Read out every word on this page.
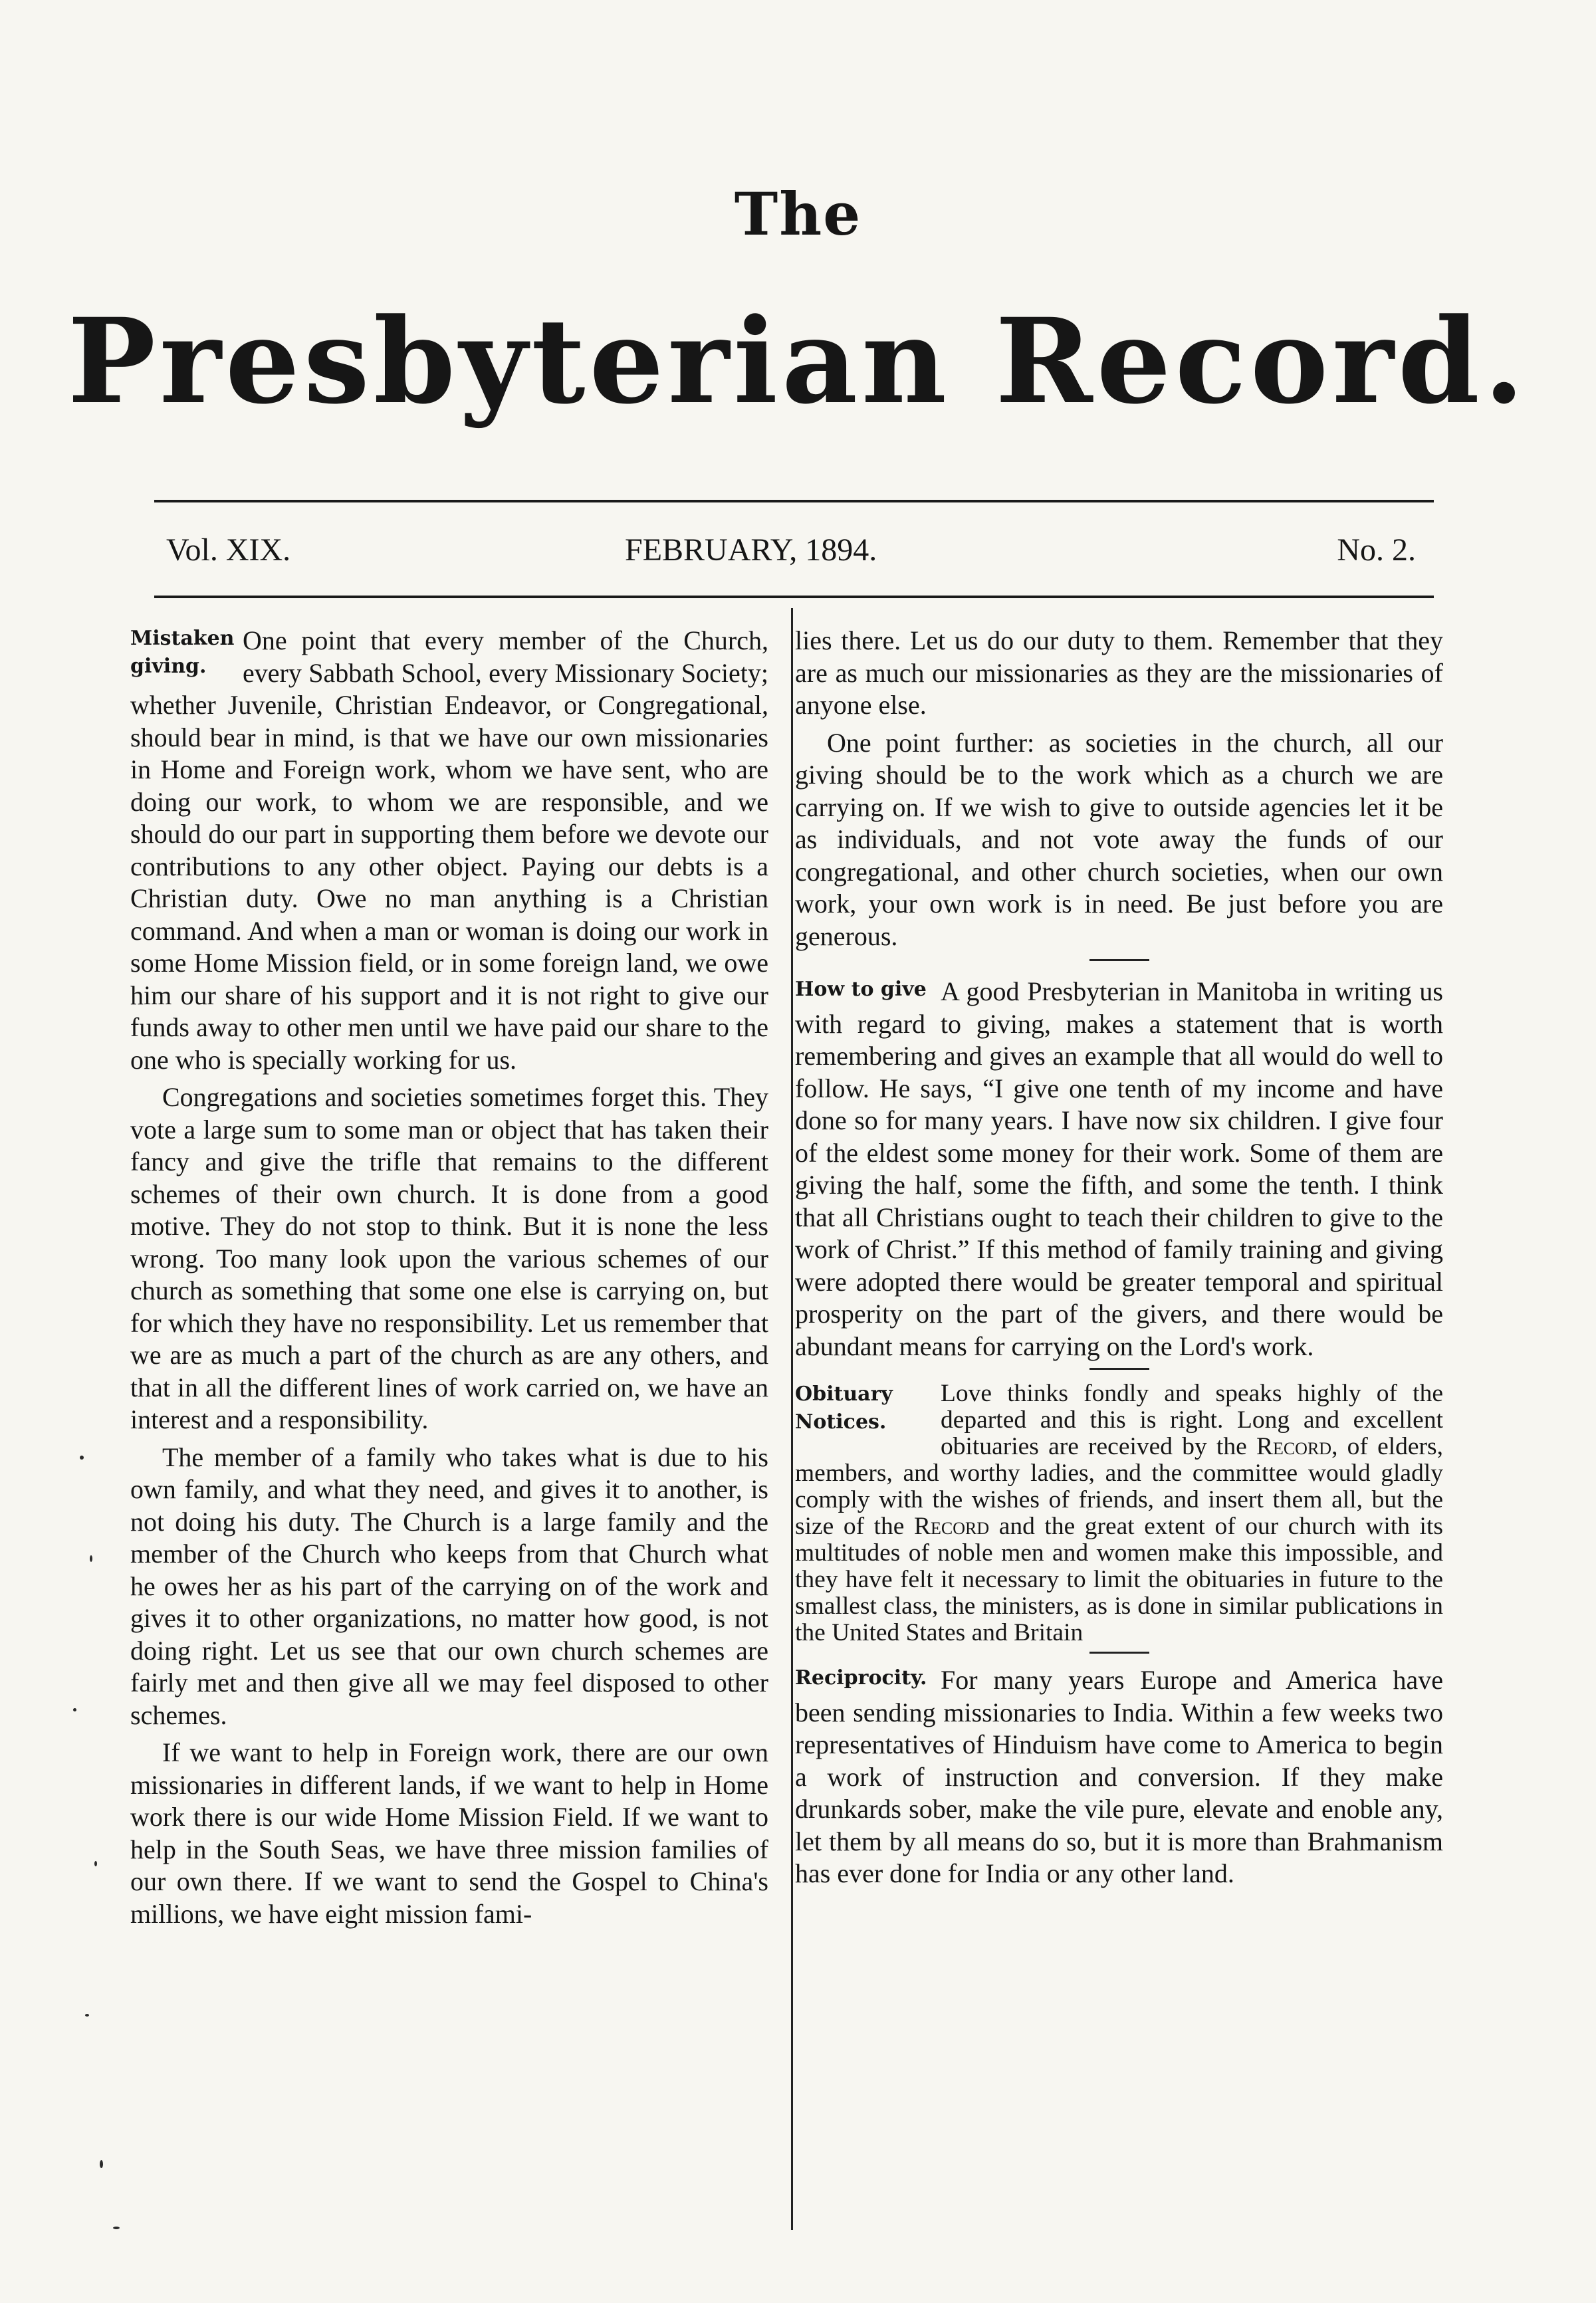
The
Presbyterian Record.
Vol. XIX.	FEBRUARY, 1894.	No. 2.

Mistaken giving.
One point that every member of the Church, every Sabbath School, every Missionary Society; whether Juvenile, Christian Endeavor, or Congregational, should bear in mind, is that we have our own missionaries in Home and Foreign work, whom we have sent, who are doing our work, to whom we are responsible, and we should do our part in supporting them before we devote our contributions to any other object. Paying our debts is a Christian duty. Owe no man anything is a Christian command. And when a man or woman is doing our work in some Home Mission field, or in some foreign land, we owe him our share of his support and it is not right to give our funds away to other men until we have paid our share to the one who is specially working for us.

Congregations and societies sometimes forget this. They vote a large sum to some man or object that has taken their fancy and give the trifle that remains to the different schemes of their own church. It is done from a good motive. They do not stop to think. But it is none the less wrong. Too many look upon the various schemes of our church as something that some one else is carrying on, but for which they have no responsibility. Let us remember that we are as much a part of the church as are any others, and that in all the different lines of work carried on, we have an interest and a responsibility.

The member of a family who takes what is due to his own family, and what they need, and gives it to another, is not doing his duty. The Church is a large family and the member of the Church who keeps from that Church what he owes her as his part of the carrying on of the work and gives it to other organizations, no matter how good, is not doing right. Let us see that our own church schemes are fairly met and then give all we may feel disposed to other schemes.

If we want to help in Foreign work, there are our own missionaries in different lands, if we want to help in Home work there is our wide Home Mission Field. If we want to help in the South Seas, we have three mission families of our own there. If we want to send the Gospel to China's millions, we have eight mission fami-

lies there. Let us do our duty to them. Remember that they are as much our missionaries as they are the missionaries of anyone else.

One point further: as societies in the church, all our giving should be to the work which as a church we are carrying on. If we wish to give to outside agencies let it be as individuals, and not vote away the funds of our congregational, and other church societies, when our own work, your own work is in need. Be just before you are generous.

How to give A good Presbyterian in Manitoba in writing us with regard to giving, makes a statement that is worth remembering and gives an example that all would do well to follow. He says, “I give one tenth of my income and have done so for many years. I have now six children. I give four of the eldest some money for their work. Some of them are giving the half, some the fifth, and some the tenth. I think that all Christians ought to teach their children to give to the work of Christ.” If this method of family training and giving were adopted there would be greater temporal and spiritual prosperity on the part of the givers, and there would be abundant means for carrying on the Lord's work.

Obituary Notices.
Love thinks fondly and speaks highly of the departed and this is right. Long and excellent obituaries are received by the Record, of elders, members, and worthy ladies, and the committee would gladly comply with the wishes of friends, and insert them all, but the size of the Record and the great extent of our church with its multitudes of noble men and women make this impossible, and they have felt it necessary to limit the obituaries in future to the smallest class, the ministers, as is done in similar publications in the United States and Britain

Reciprocity. For many years Europe and America have been sending missionaries to India. Within a few weeks two representatives of Hinduism have come to America to begin a work of instruction and conversion. If they make drunkards sober, make the vile pure, elevate and enoble any, let them by all means do so, but it is more than Brahmanism has ever done for India or any other land.
